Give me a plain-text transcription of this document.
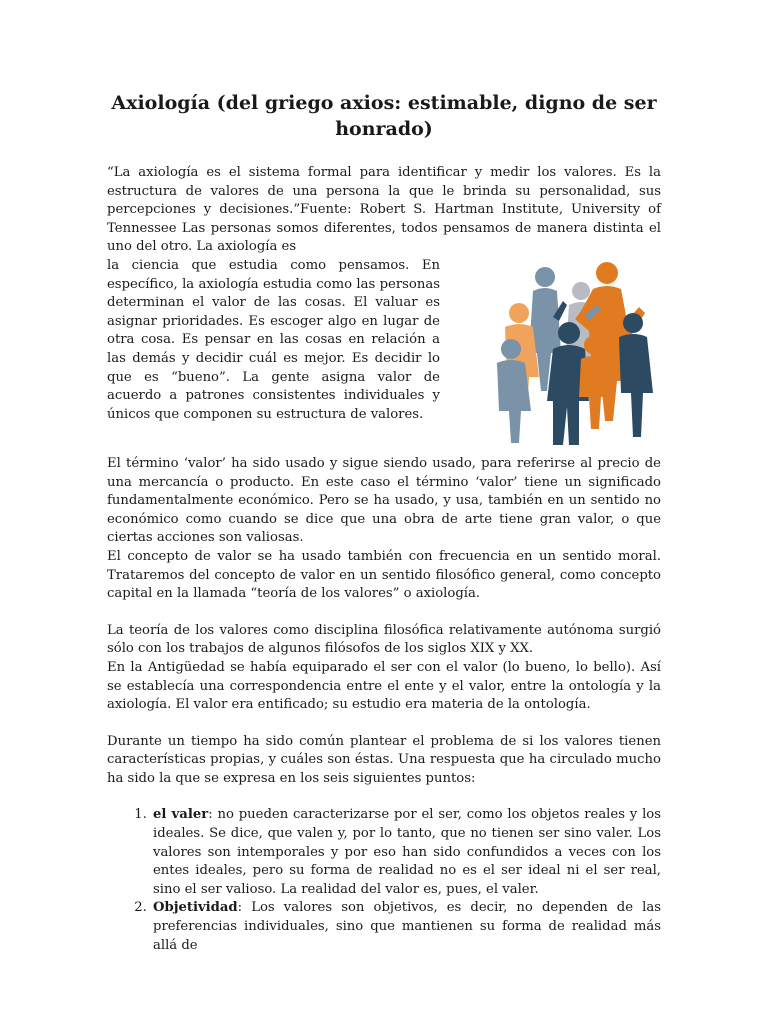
Axiología (del griego axios: estimable, digno de ser honrado)

“La axiología es el sistema formal para identificar y medir los valores. Es la estructura de valores de una persona la que le brinda su personalidad, sus percepciones y decisiones.”Fuente: Robert S. Hartman Institute, University of Tennessee Las personas somos diferentes, todos pensamos de manera distinta el uno del otro. La axiología es

la ciencia que estudia como pensamos. En específico, la axiología estudia como las personas determinan el valor de las cosas. El valuar es asignar prioridades. Es escoger algo en lugar de otra cosa. Es pensar en las cosas en relación a las demás y decidir cuál es mejor. Es decidir lo que es “bueno”. La gente asigna valor de acuerdo a patrones consistentes individuales y únicos que componen su estructura de valores.

El término ‘valor’ ha sido usado y sigue siendo usado, para referirse al precio de una mercancía o producto. En este caso el término ‘valor’ tiene un significado fundamentalmente económico. Pero se ha usado, y usa, también en un sentido no económico como cuando se dice que una obra de arte tiene gran valor, o que ciertas acciones son valiosas.

El concepto de valor se ha usado también con frecuencia en un sentido moral. Trataremos del concepto de valor en un sentido filosófico general, como concepto capital en la llamada “teoría de los valores” o axiología.

La teoría de los valores como disciplina filosófica relativamente autónoma surgió sólo con los trabajos de algunos filósofos de los siglos XIX y XX.

En la Antigüedad se había equiparado el ser con el valor (lo bueno, lo bello). Así se establecía una correspondencia entre el ente y el valor, entre la ontología y la axiología. El valor era entificado; su estudio era materia de la ontología.

Durante un tiempo ha sido común plantear el problema de si los valores tienen características propias, y cuáles son éstas. Una respuesta que ha circulado mucho ha sido la que se expresa en los seis siguientes puntos:

1. el valer: no pueden caracterizarse por el ser, como los objetos reales y los ideales. Se dice, que valen y, por lo tanto, que no tienen ser sino valer. Los valores son intemporales y por eso han sido confundidos a veces con los entes ideales, pero su forma de realidad no es el ser ideal ni el ser real, sino el ser valioso. La realidad del valor es, pues, el valer.
2. Objetividad: Los valores son objetivos, es decir, no dependen de las preferencias individuales, sino que mantienen su forma de realidad más allá de
